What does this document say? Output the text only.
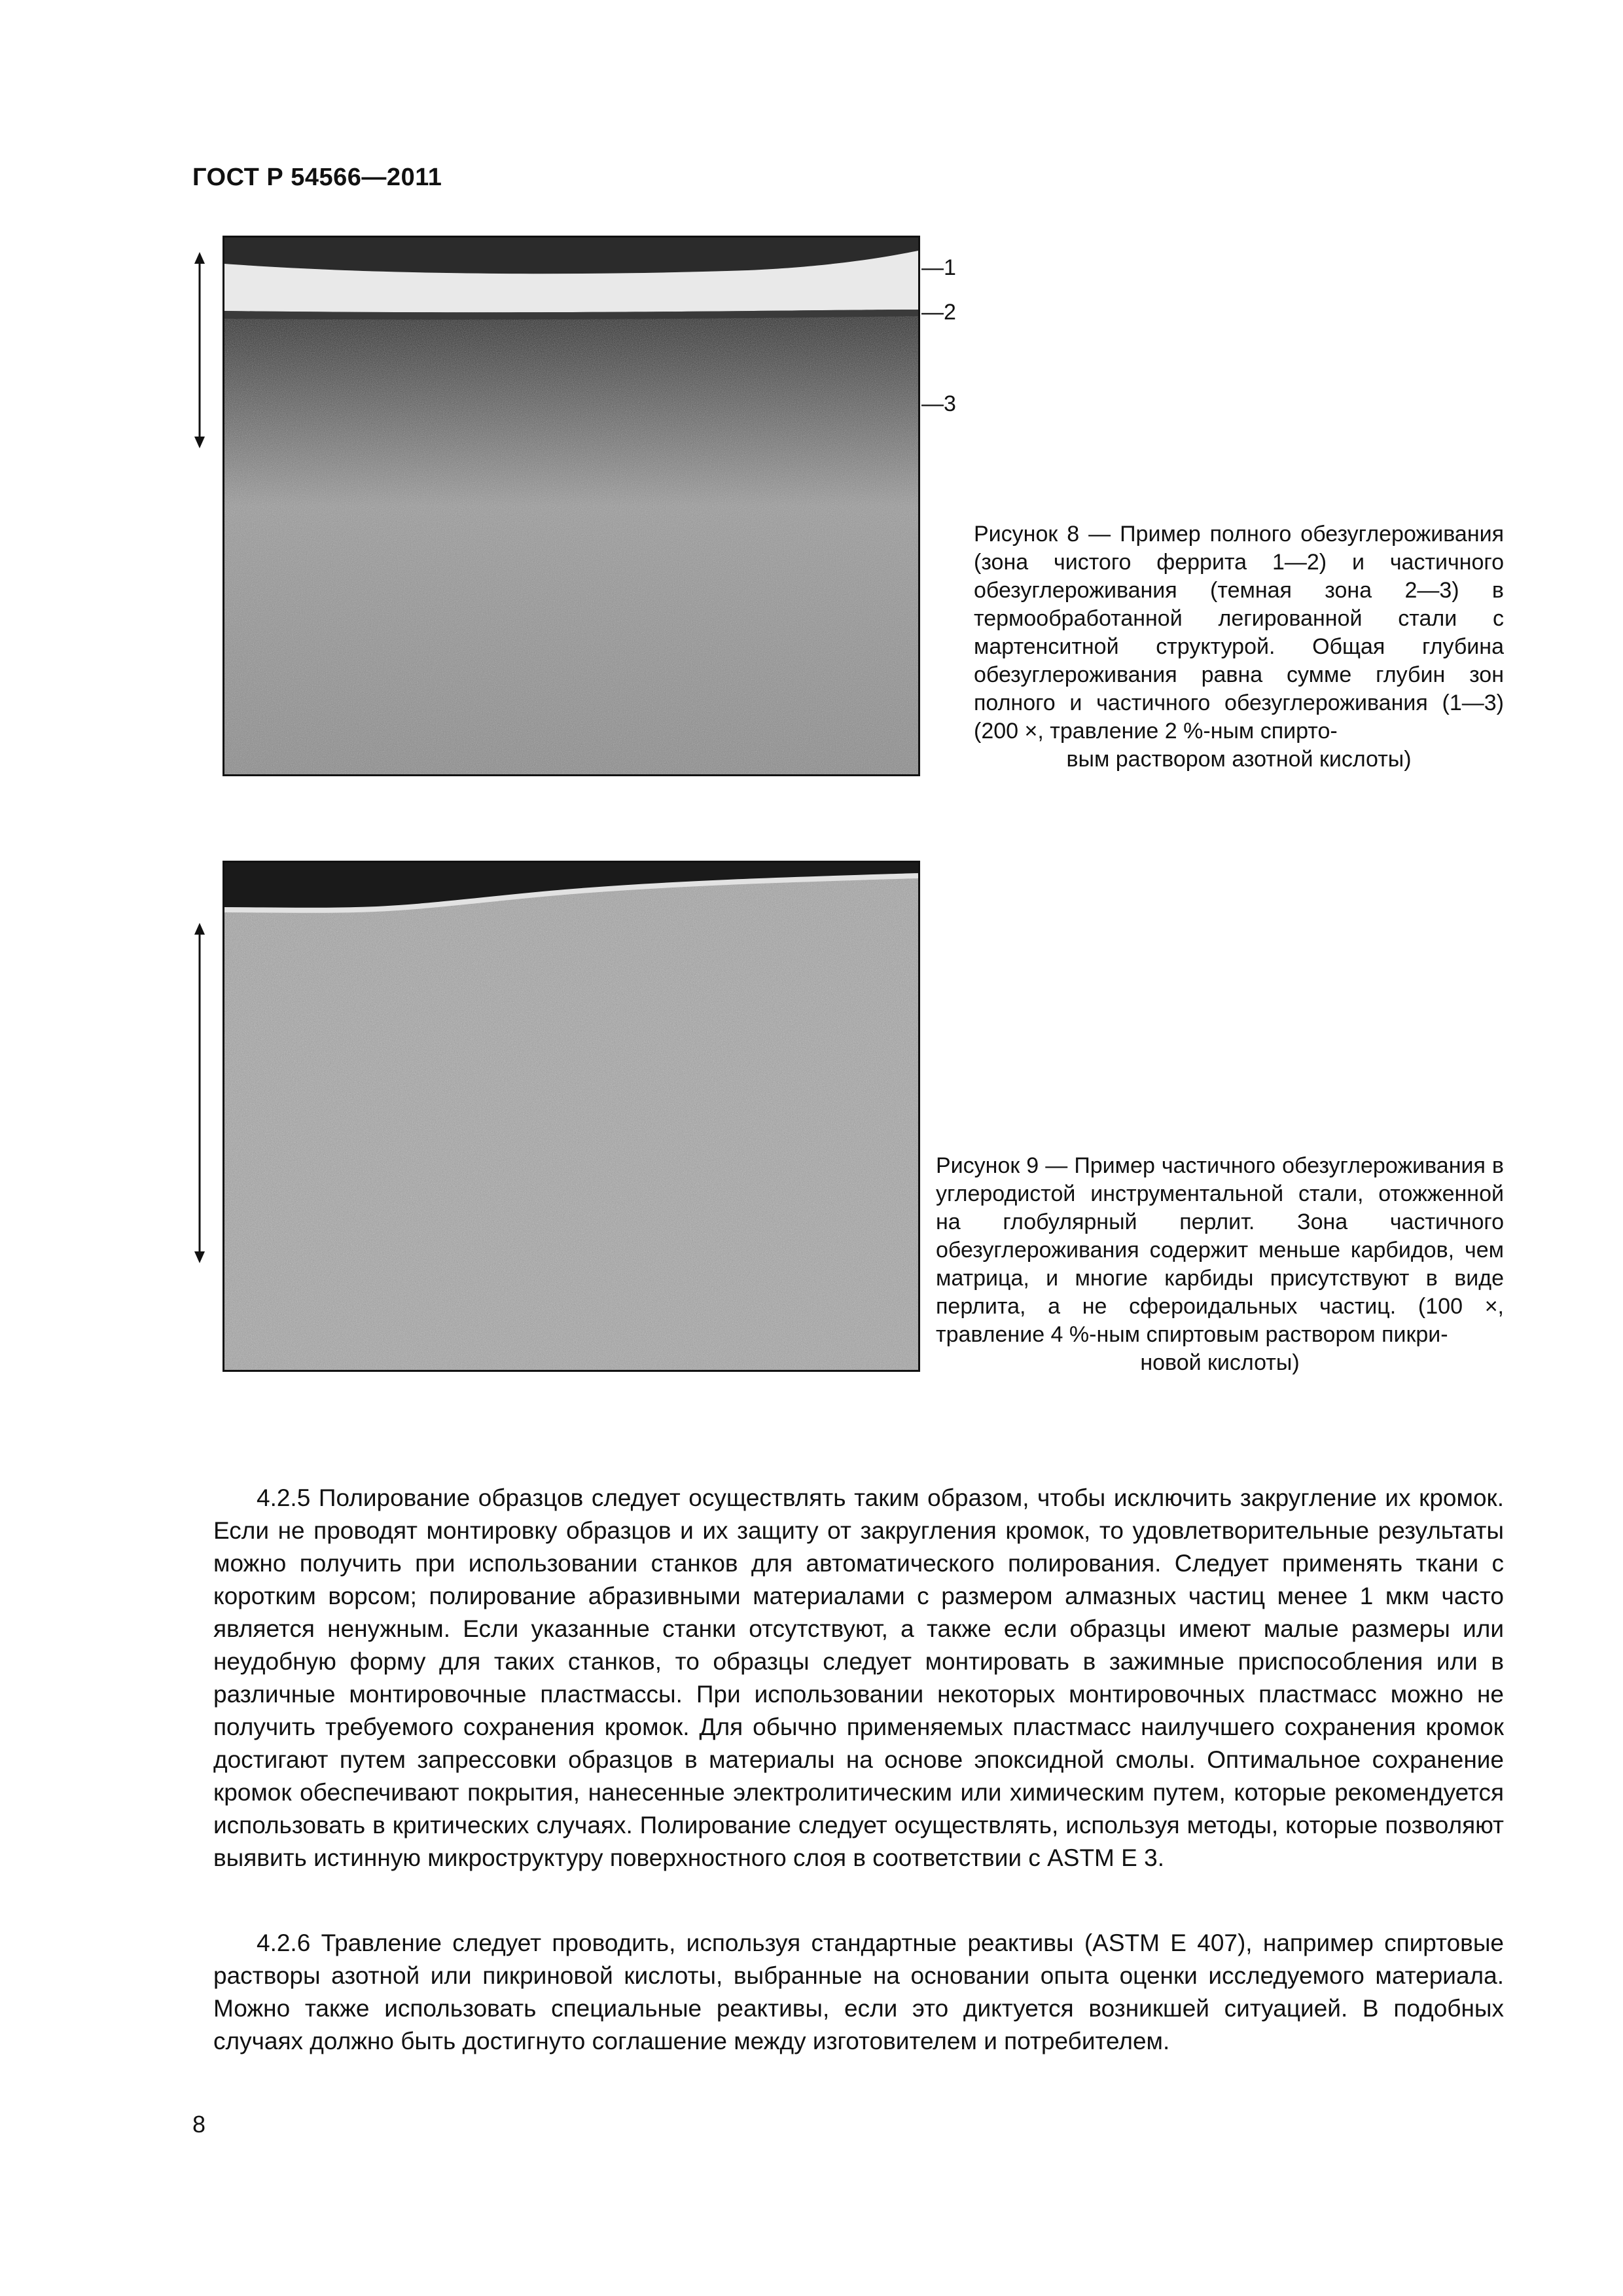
ГОСТ Р 54566—2011
—1
—2
—3
Рисунок 8 — Пример полного обезуглероживания (зона чистого феррита 1—2) и частичного обезуглероживания (темная зона 2—3) в термообработанной легированной стали с мартенситной структурой. Общая глубина обезуглероживания равна сумме глубин зон полного и частичного обезуглероживания (1—3) (200 ×, травление 2 %-ным спирто-
вым раствором азотной кислоты)
Рисунок 9 — Пример частичного обезуглероживания в углеродистой инструментальной стали, отожженной на глобулярный перлит. Зона частичного обезуглероживания содержит меньше карбидов, чем матрица, и многие карбиды присутствуют в виде перлита, а не сфероидальных частиц. (100 ×, травление 4 %-ным спиртовым раствором пикри-
новой кислоты)

4.2.5 Полирование образцов следует осуществлять таким образом, чтобы исключить закругление их кромок. Если не проводят монтировку образцов и их защиту от закругления кромок, то удовлетворительные результаты можно получить при использовании станков для автоматического полирования. Следует применять ткани с коротким ворсом; полирование абразивными материалами с размером алмазных частиц менее 1 мкм часто является ненужным. Если указанные станки отсутствуют, а также если образцы имеют малые размеры или неудобную форму для таких станков, то образцы следует монтировать в зажимные приспособления или в различные монтировочные пластмассы. При использовании некоторых монтировочных пластмасс можно не получить требуемого сохранения кромок. Для обычно применяемых пластмасс наилучшего сохранения кромок достигают путем запрессовки образцов в материалы на основе эпоксидной смолы. Оптимальное сохранение кромок обеспечивают покрытия, нанесенные электролитическим или химическим путем, которые рекомендуется использовать в критических случаях. Полирование следует осуществлять, используя методы, которые позволяют выявить истинную микроструктуру поверхностного слоя в соответствии с ASTM E 3.

4.2.6 Травление следует проводить, используя стандартные реактивы (ASTM E 407), например спиртовые растворы азотной или пикриновой кислоты, выбранные на основании опыта оценки исследуемого материала. Можно также использовать специальные реактивы, если это диктуется возникшей ситуацией. В подобных случаях должно быть достигнуто соглашение между изготовителем и потребителем.

8
